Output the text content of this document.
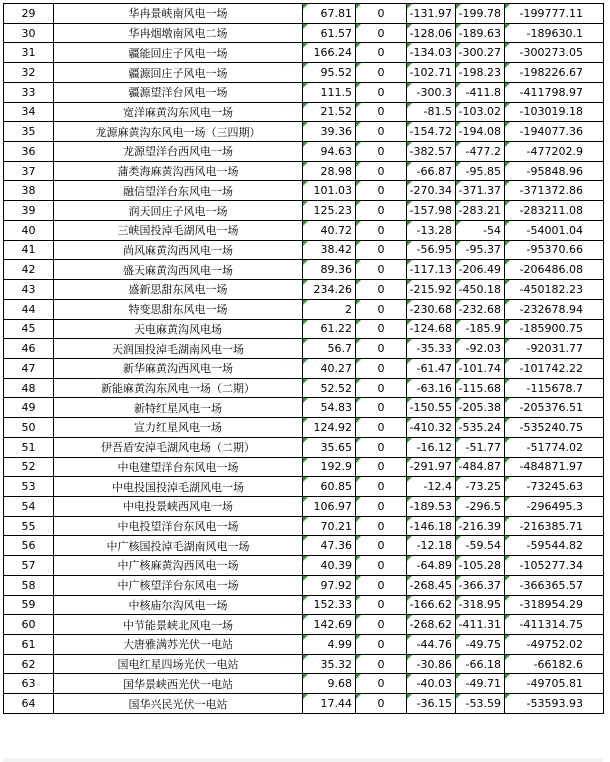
29	华冉景峡南风电一场	67.81	0	-131.97	-199.78	-199777.11
30	华冉烟墩南风电二场	61.57	0	-128.06	-189.63	-189630.1
31	疆能回庄子风电一场	166.24	0	-134.03	-300.27	-300273.05
32	疆源回庄子风电一场	95.52	0	-102.71	-198.23	-198226.67
33	疆源望洋台风电一场	111.5	0	-300.3	-411.8	-411798.97
34	宽洋麻黄沟东风电一场	21.52	0	-81.5	-103.02	-103019.18
35	龙源麻黄沟东风电一场（三四期）	39.36	0	-154.72	-194.08	-194077.36
36	龙源望洋台西风电一场	94.63	0	-382.57	-477.2	-477202.9
37	蒲类海麻黄沟西风电一场	28.98	0	-66.87	-95.85	-95848.96
38	融信望洋台东风电一场	101.03	0	-270.34	-371.37	-371372.86
39	润天回庄子风电一场	125.23	0	-157.98	-283.21	-283211.08
40	三峡国投淖毛湖风电一场	40.72	0	-13.28	-54	-54001.04
41	尚风麻黄沟西风电一场	38.42	0	-56.95	-95.37	-95370.66
42	盛天麻黄沟西风电一场	89.36	0	-117.13	-206.49	-206486.08
43	盛新思甜东风电一场	234.26	0	-215.92	-450.18	-450182.23
44	特变思甜东风电一场	2	0	-230.68	-232.68	-232678.94
45	天电麻黄沟风电场	61.22	0	-124.68	-185.9	-185900.75
46	天润国投淖毛湖南风电一场	56.7	0	-35.33	-92.03	-92031.77
47	新华麻黄沟西风电一场	40.27	0	-61.47	-101.74	-101742.22
48	新能麻黄沟东风电一场（二期）	52.52	0	-63.16	-115.68	-115678.7
49	新特红星风电一场	54.83	0	-150.55	-205.38	-205376.51
50	宣力红星风电一场	124.92	0	-410.32	-535.24	-535240.75
51	伊吾盾安淖毛湖风电场（二期）	35.65	0	-16.12	-51.77	-51774.02
52	中电建望洋台东风电一场	192.9	0	-291.97	-484.87	-484871.97
53	中电投国投淖毛湖风电一场	60.85	0	-12.4	-73.25	-73245.63
54	中电投景峡西风电一场	106.97	0	-189.53	-296.5	-296495.3
55	中电投望洋台东风电一场	70.21	0	-146.18	-216.39	-216385.71
56	中广核国投淖毛湖南风电一场	47.36	0	-12.18	-59.54	-59544.82
57	中广核麻黄沟西风电一场	40.39	0	-64.89	-105.28	-105277.34
58	中广核望洋台东风电一场	97.92	0	-268.45	-366.37	-366365.57
59	中核庙尔沟风电一场	152.33	0	-166.62	-318.95	-318954.29
60	中节能景峡北风电一场	142.69	0	-268.62	-411.31	-411314.75
61	大唐雅满苏光伏一电站	4.99	0	-44.76	-49.75	-49752.02
62	国电红星四场光伏一电站	35.32	0	-30.86	-66.18	-66182.6
63	国华景峡西光伏一电站	9.68	0	-40.03	-49.71	-49705.81
64	国华兴民光伏一电站	17.44	0	-36.15	-53.59	-53593.93
